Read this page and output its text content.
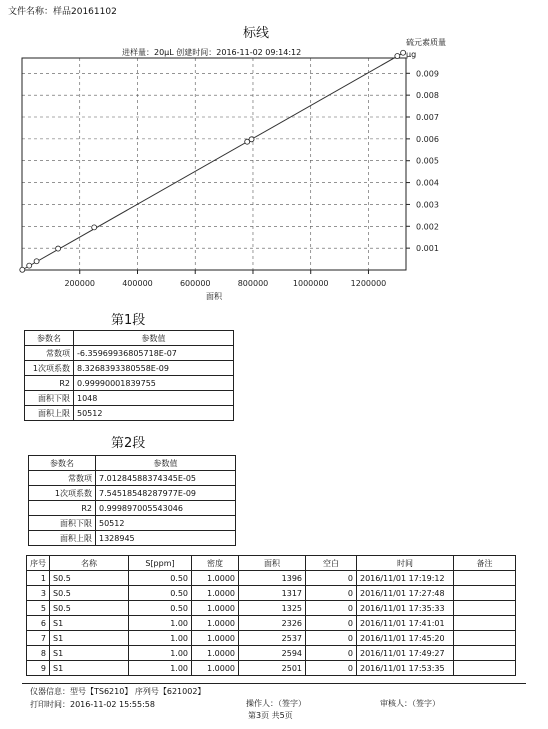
文件名称：样品20161102
标线
进样量：20μL 创建时间：2016-11-02 09:14:12
硫元素质量
μg
0.001
0.002
0.003
0.004
0.005
0.006
0.007
0.008
0.009
200000	400000	600000	800000	1000000	1200000
面积
第1段
参数名	参数值
常数项	-6.35969936805718E-07
1次项系数	8.3268393380558E-09
R2	0.99990001839755
面积下限	1048
面积上限	50512
第2段
参数名	参数值
常数项	7.01284588374345E-05
1次项系数	7.54518548287977E-09
R2	0.999897005543046
面积下限	50512
面积上限	1328945
序号	名称	S[ppm]	密度	面积	空白	时间	备注
1	S0.5	0.50	1.0000	1396	0	2016/11/01 17:19:12	
3	S0.5	0.50	1.0000	1317	0	2016/11/01 17:27:48	
5	S0.5	0.50	1.0000	1325	0	2016/11/01 17:35:33	
6	S1	1.00	1.0000	2326	0	2016/11/01 17:41:01	
7	S1	1.00	1.0000	2537	0	2016/11/01 17:45:20	
8	S1	1.00	1.0000	2594	0	2016/11/01 17:49:27	
9	S1	1.00	1.0000	2501	0	2016/11/01 17:53:35	
仪器信息：型号【TS6210】 序列号【621002】
打印时间：2016-11-02 15:55:58	操作人：（签字）	审核人：（签字）
第3页 共5页
